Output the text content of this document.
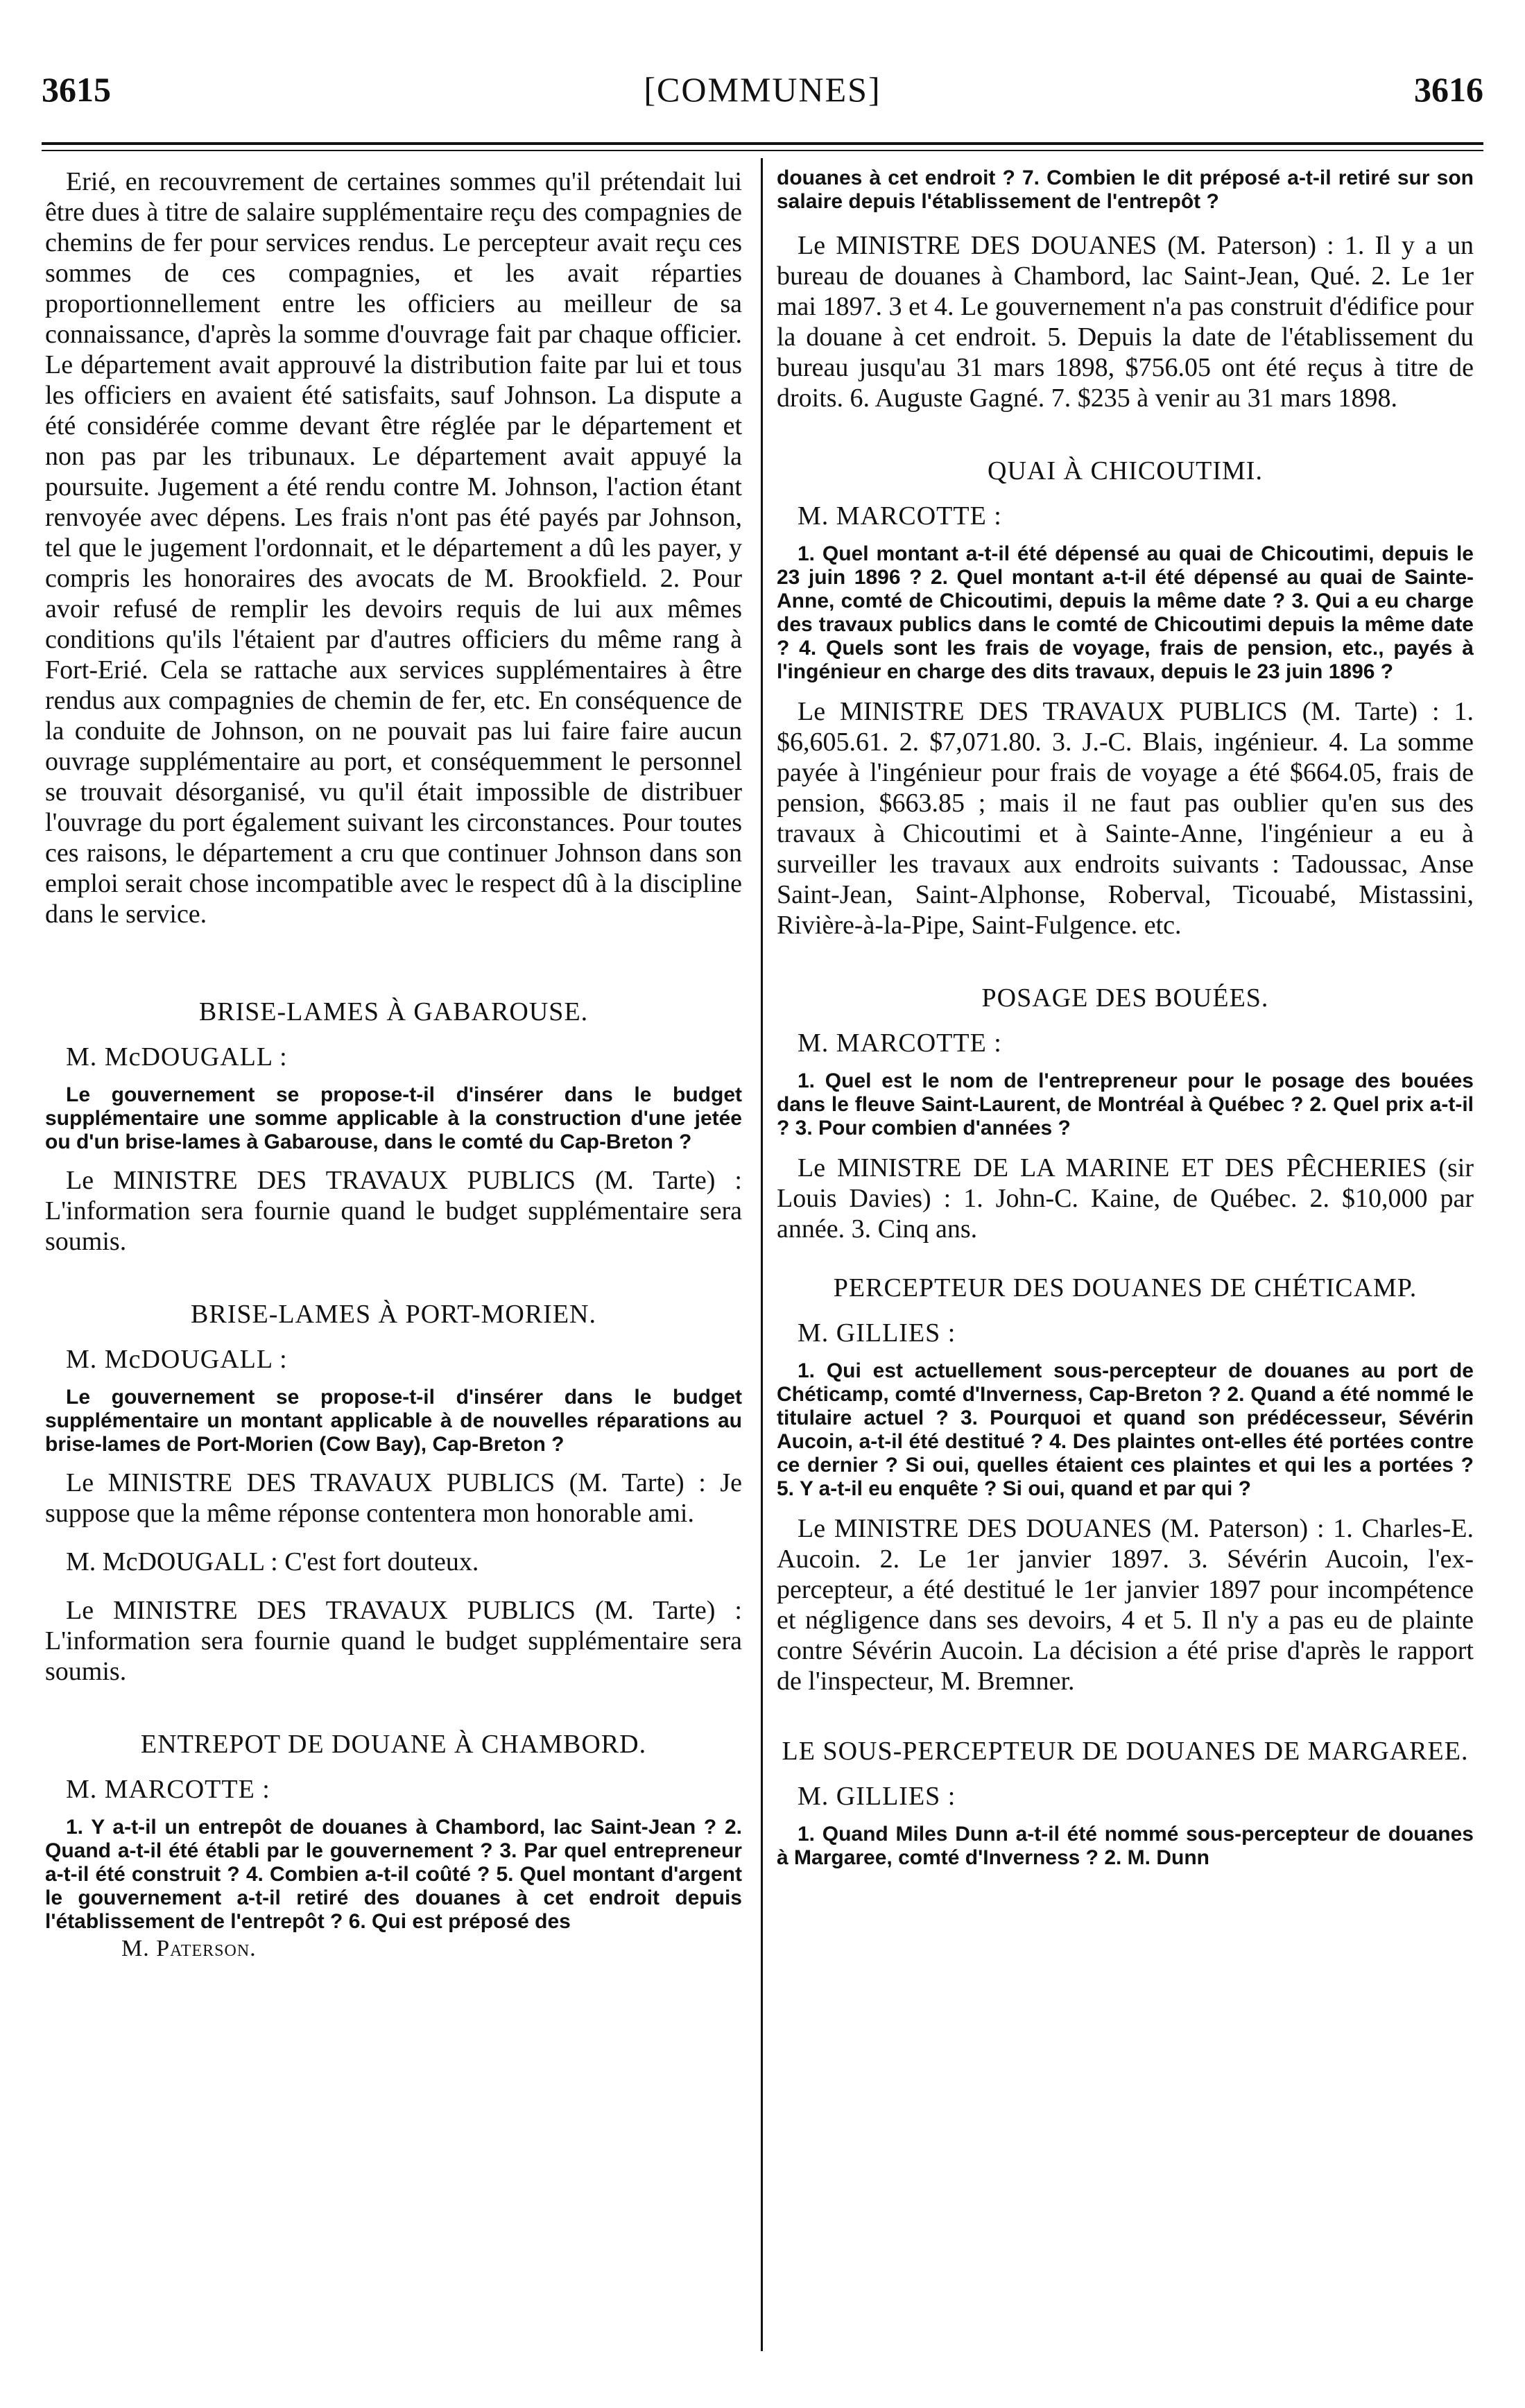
3615	[COMMUNES]	3616

Erié, en recouvrement de certaines sommes qu'il prétendait lui être dues à titre de salaire supplémentaire reçu des compagnies de chemins de fer pour services rendus. Le percepteur avait reçu ces sommes de ces compagnies, et les avait réparties proportionnellement entre les officiers au meilleur de sa connaissance, d'après la somme d'ouvrage fait par chaque officier. Le département avait approuvé la distribution faite par lui et tous les officiers en avaient été satisfaits, sauf Johnson. La dispute a été considérée comme devant être réglée par le département et non pas par les tribunaux. Le département avait appuyé la poursuite. Jugement a été rendu contre M. Johnson, l'action étant renvoyée avec dépens. Les frais n'ont pas été payés par Johnson, tel que le jugement l'ordonnait, et le département a dû les payer, y compris les honoraires des avocats de M. Brookfield. 2. Pour avoir refusé de remplir les devoirs requis de lui aux mêmes conditions qu'ils l'étaient par d'autres officiers du même rang à Fort-Erié. Cela se rattache aux services supplémentaires à être rendus aux compagnies de chemin de fer, etc. En conséquence de la conduite de Johnson, on ne pouvait pas lui faire faire aucun ouvrage supplémentaire au port, et conséquemment le personnel se trouvait désorganisé, vu qu'il était impossible de distribuer l'ouvrage du port également suivant les circonstances. Pour toutes ces raisons, le département a cru que continuer Johnson dans son emploi serait chose incompatible avec le respect dû à la discipline dans le service.

BRISE-LAMES À GABAROUSE.

M. McDOUGALL :

Le gouvernement se propose-t-il d'insérer dans le budget supplémentaire une somme applicable à la construction d'une jetée ou d'un brise-lames à Gabarouse, dans le comté du Cap-Breton ?

Le MINISTRE DES TRAVAUX PUBLICS (M. Tarte) : L'information sera fournie quand le budget supplémentaire sera soumis.

BRISE-LAMES À PORT-MORIEN.

M. McDOUGALL :

Le gouvernement se propose-t-il d'insérer dans le budget supplémentaire un montant applicable à de nouvelles réparations au brise-lames de Port-Morien (Cow Bay), Cap-Breton ?

Le MINISTRE DES TRAVAUX PUBLICS (M. Tarte) : Je suppose que la même réponse contentera mon honorable ami.

M. McDOUGALL : C'est fort douteux.

Le MINISTRE DES TRAVAUX PUBLICS (M. Tarte) : L'information sera fournie quand le budget supplémentaire sera soumis.

ENTREPOT DE DOUANE À CHAMBORD.

M. MARCOTTE :

1. Y a-t-il un entrepôt de douanes à Chambord, lac Saint-Jean ? 2. Quand a-t-il été établi par le gouvernement ? 3. Par quel entrepreneur a-t-il été construit ? 4. Combien a-t-il coûté ? 5. Quel montant d'argent le gouvernement a-t-il retiré des douanes à cet endroit depuis l'établissement de l'entrepôt ? 6. Qui est préposé des

M. Paterson.

douanes à cet endroit ? 7. Combien le dit préposé a-t-il retiré sur son salaire depuis l'établissement de l'entrepôt ?

Le MINISTRE DES DOUANES (M. Paterson) : 1. Il y a un bureau de douanes à Chambord, lac Saint-Jean, Qué. 2. Le 1er mai 1897. 3 et 4. Le gouvernement n'a pas construit d'édifice pour la douane à cet endroit. 5. Depuis la date de l'établissement du bureau jusqu'au 31 mars 1898, $756.05 ont été reçus à titre de droits. 6. Auguste Gagné. 7. $235 à venir au 31 mars 1898.

QUAI À CHICOUTIMI.

M. MARCOTTE :

1. Quel montant a-t-il été dépensé au quai de Chicoutimi, depuis le 23 juin 1896 ? 2. Quel montant a-t-il été dépensé au quai de Sainte-Anne, comté de Chicoutimi, depuis la même date ? 3. Qui a eu charge des travaux publics dans le comté de Chicoutimi depuis la même date ? 4. Quels sont les frais de voyage, frais de pension, etc., payés à l'ingénieur en charge des dits travaux, depuis le 23 juin 1896 ?

Le MINISTRE DES TRAVAUX PUBLICS (M. Tarte) : 1. $6,605.61. 2. $7,071.80. 3. J.-C. Blais, ingénieur. 4. La somme payée à l'ingénieur pour frais de voyage a été $664.05, frais de pension, $663.85 ; mais il ne faut pas oublier qu'en sus des travaux à Chicoutimi et à Sainte-Anne, l'ingénieur a eu à surveiller les travaux aux endroits suivants : Tadoussac, Anse Saint-Jean, Saint-Alphonse, Roberval, Ticouabé, Mistassini, Rivière-à-la-Pipe, Saint-Fulgence. etc.

POSAGE DES BOUÉES.

M. MARCOTTE :

1. Quel est le nom de l'entrepreneur pour le posage des bouées dans le fleuve Saint-Laurent, de Montréal à Québec ? 2. Quel prix a-t-il ? 3. Pour combien d'années ?

Le MINISTRE DE LA MARINE ET DES PÊCHERIES (sir Louis Davies) : 1. John-C. Kaine, de Québec. 2. $10,000 par année. 3. Cinq ans.

PERCEPTEUR DES DOUANES DE CHÉTICAMP.

M. GILLIES :

1. Qui est actuellement sous-percepteur de douanes au port de Chéticamp, comté d'Inverness, Cap-Breton ? 2. Quand a été nommé le titulaire actuel ? 3. Pourquoi et quand son prédécesseur, Sévérin Aucoin, a-t-il été destitué ? 4. Des plaintes ont-elles été portées contre ce dernier ? Si oui, quelles étaient ces plaintes et qui les a portées ? 5. Y a-t-il eu enquête ? Si oui, quand et par qui ?

Le MINISTRE DES DOUANES (M. Paterson) : 1. Charles-E. Aucoin. 2. Le 1er janvier 1897. 3. Sévérin Aucoin, l'ex-percepteur, a été destitué le 1er janvier 1897 pour incompétence et négligence dans ses devoirs, 4 et 5. Il n'y a pas eu de plainte contre Sévérin Aucoin. La décision a été prise d'après le rapport de l'inspecteur, M. Bremner.

LE SOUS-PERCEPTEUR DE DOUANES DE MARGAREE.

M. GILLIES :

1. Quand Miles Dunn a-t-il été nommé sous-percepteur de douanes à Margaree, comté d'Inverness ? 2. M. Dunn
